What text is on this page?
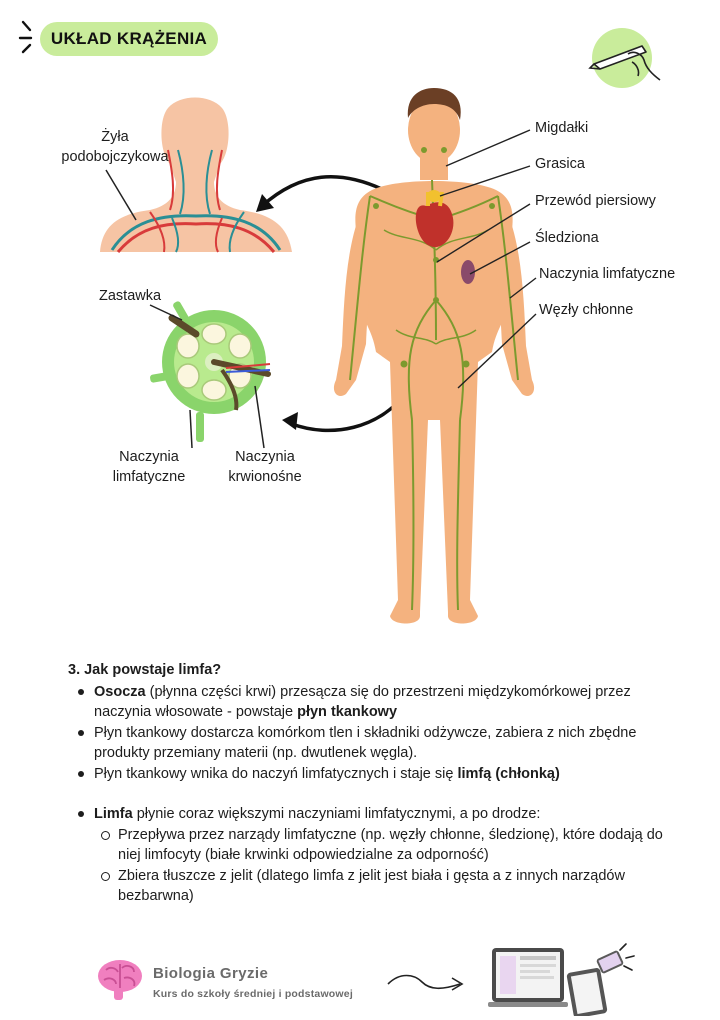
UKŁAD KRĄŻENIA
Żyła
podobojczykowa
Zastawka
Naczynia
limfatyczne
Naczynia
krwionośne
Migdałki
Grasica
Przewód piersiowy
Śledziona
Naczynia limfatyczne
Węzły chłonne
3. Jak powstaje limfa?
Osocza (płynna części krwi) przesącza się do przestrzeni międzykomórkowej przez naczynia włosowate - powstaje płyn tkankowy
Płyn tkankowy dostarcza komórkom tlen i składniki odżywcze, zabiera z nich zbędne produkty przemiany materii (np. dwutlenek węgla).
Płyn tkankowy wnika do naczyń limfatycznych i staje się limfą (chłonką)
Limfa płynie coraz większymi naczyniami limfatycznymi, a po drodze:
Przepływa przez narządy limfatyczne (np. węzły chłonne, śledzionę), które dodają do niej limfocyty (białe krwinki odpowiedzialne za odporność)
Zbiera tłuszcze z jelit (dlatego limfa z jelit jest biała i gęsta a z innych narządów bezbarwna)
Biologia Gryzie
Kurs do szkoły średniej i podstawowej
